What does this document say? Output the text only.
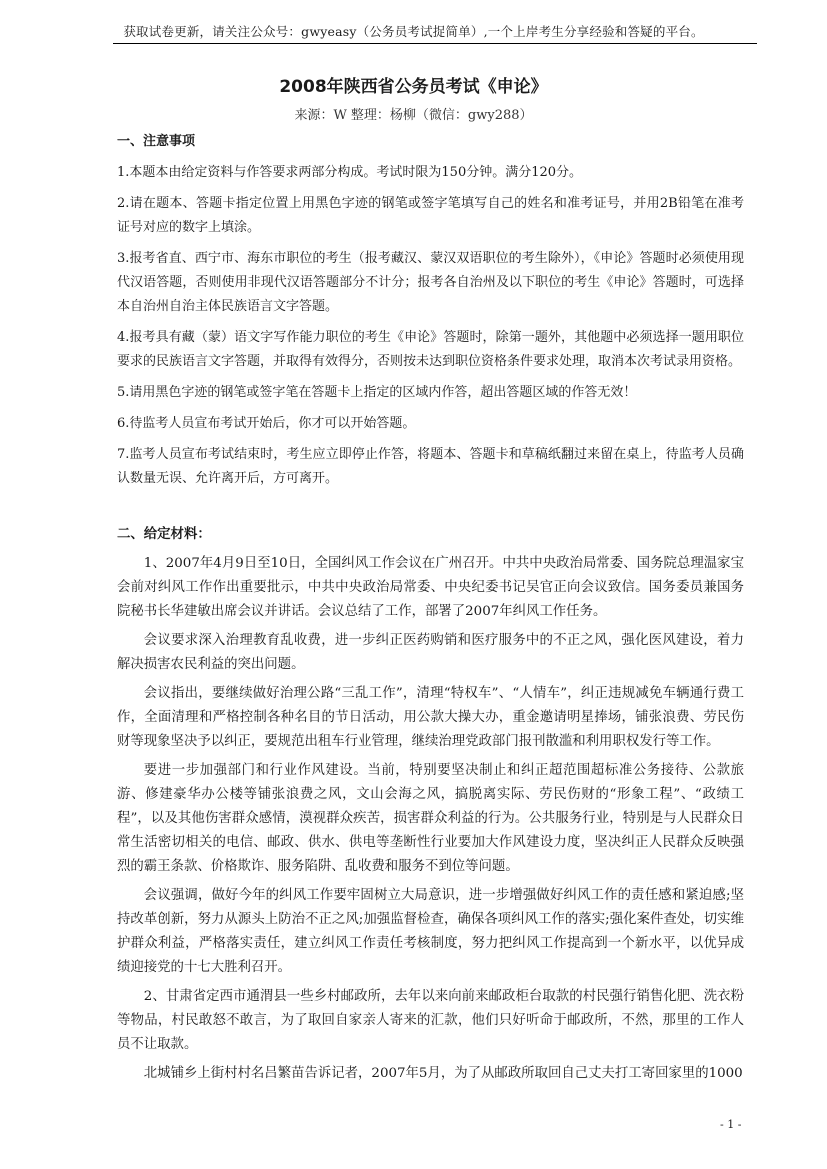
获取试卷更新，请关注公众号：gwyeasy（公务员考试捉简单）,一个上岸考生分享经验和答疑的平台。
2008年陕西省公务员考试《申论》
来源：W 整理：杨柳（微信：gwy288）

一、注意事项

1.本题本由给定资料与作答要求两部分构成。考试时限为150分钟。满分120分。

2.请在题本、答题卡指定位置上用黑色字迹的钢笔或签字笔填写自己的姓名和准考证号，并用2B铅笔在准考证号对应的数字上填涂。

3.报考省直、西宁市、海东市职位的考生（报考藏汉、蒙汉双语职位的考生除外），《申论》答题时必须使用现代汉语答题，否则使用非现代汉语答题部分不计分；报考各自治州及以下职位的考生《申论》答题时，可选择本自治州自治主体民族语言文字答题。

4.报考具有藏（蒙）语文字写作能力职位的考生《申论》答题时，除第一题外，其他题中必须选择一题用职位要求的民族语言文字答题，并取得有效得分，否则按未达到职位资格条件要求处理，取消本次考试录用资格。

5.请用黑色字迹的钢笔或签字笔在答题卡上指定的区域内作答，超出答题区域的作答无效！

6.待监考人员宣布考试开始后，你才可以开始答题。

7.监考人员宣布考试结束时，考生应立即停止作答，将题本、答题卡和草稿纸翻过来留在桌上，待监考人员确认数量无误、允许离开后，方可离开。

二、给定材料：

1、2007年4月9日至10日，全国纠风工作会议在广州召开。中共中央政治局常委、国务院总理温家宝会前对纠风工作作出重要批示，中共中央政治局常委、中央纪委书记吴官正向会议致信。国务委员兼国务院秘书长华建敏出席会议并讲话。会议总结了工作，部署了2007年纠风工作任务。

会议要求深入治理教育乱收费，进一步纠正医药购销和医疗服务中的不正之风，强化医风建设，着力解决损害农民利益的突出问题。

会议指出，要继续做好治理公路“三乱工作”，清理“特权车”、“人情车”，纠正违规减免车辆通行费工作，全面清理和严格控制各种名目的节日活动，用公款大操大办，重金邀请明星捧场，铺张浪费、劳民伤财等现象坚决予以纠正，要规范出租车行业管理，继续治理党政部门报刊散滥和利用职权发行等工作。

要进一步加强部门和行业作风建设。当前，特别要坚决制止和纠正超范围超标准公务接待、公款旅游、修建豪华办公楼等铺张浪费之风，文山会海之风，搞脱离实际、劳民伤财的“形象工程”、“政绩工程”，以及其他伤害群众感情，漠视群众疾苦，损害群众利益的行为。公共服务行业，特别是与人民群众日常生活密切相关的电信、邮政、供水、供电等垄断性行业要加大作风建设力度，坚决纠正人民群众反映强烈的霸王条款、价格欺诈、服务陷阱、乱收费和服务不到位等问题。

会议强调，做好今年的纠风工作要牢固树立大局意识，进一步增强做好纠风工作的责任感和紧迫感;坚持改革创新，努力从源头上防治不正之风;加强监督检查，确保各项纠风工作的落实;强化案件查处，切实维护群众利益，严格落实责任，建立纠风工作责任考核制度，努力把纠风工作提高到一个新水平，以优异成绩迎接党的十七大胜利召开。

2、甘肃省定西市通渭县一些乡村邮政所，去年以来向前来邮政柜台取款的村民强行销售化肥、洗衣粉等物品，村民敢怒不敢言，为了取回自家亲人寄来的汇款，他们只好听命于邮政所，不然，那里的工作人员不让取款。

北城铺乡上街村村名吕繁苗告诉记者，2007年5月，为了从邮政所取回自己丈夫打工寄回家里的1000

- 1 -
